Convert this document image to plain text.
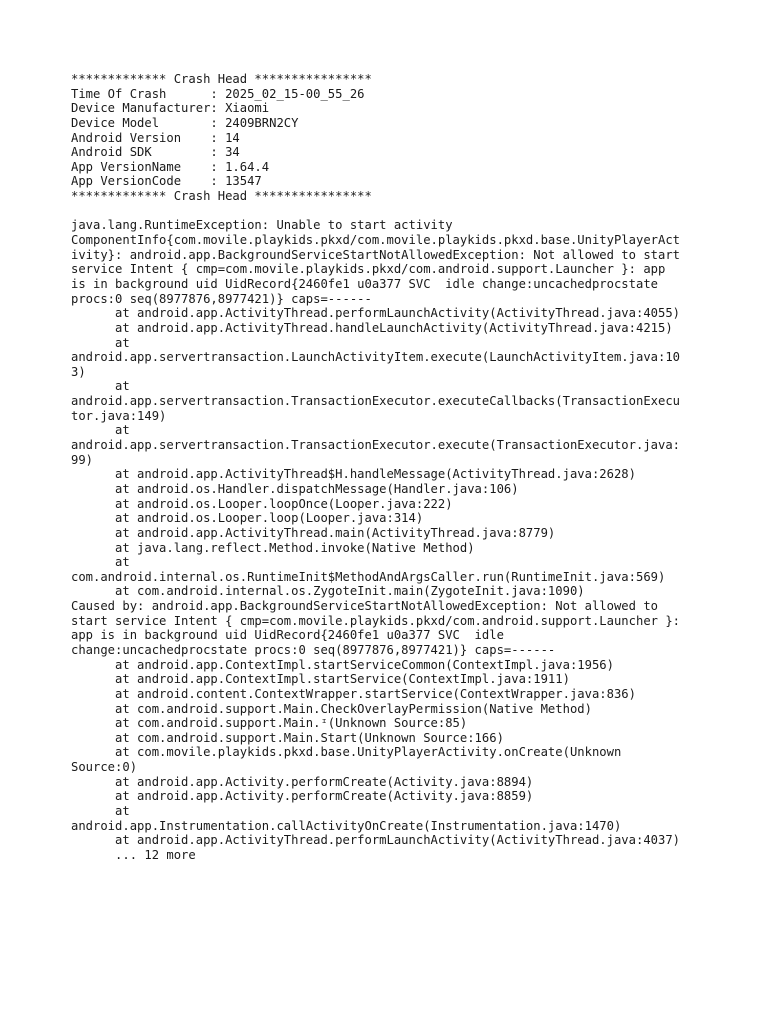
************* Crash Head ****************
Time Of Crash      : 2025_02_15-00_55_26
Device Manufacturer: Xiaomi
Device Model       : 2409BRN2CY
Android Version    : 14
Android SDK        : 34
App VersionName    : 1.64.4
App VersionCode    : 13547
************* Crash Head ****************
java.lang.RuntimeException: Unable to start activity
ComponentInfo{com.movile.playkids.pkxd/com.movile.playkids.pkxd.base.UnityPlayerAct
ivity}: android.app.BackgroundServiceStartNotAllowedException: Not allowed to start
service Intent { cmp=com.movile.playkids.pkxd/com.android.support.Launcher }: app
is in background uid UidRecord{2460fe1 u0a377 SVC  idle change:uncachedprocstate
procs:0 seq(8977876,8977421)} caps=------
at android.app.ActivityThread.performLaunchActivity(ActivityThread.java:4055)
at android.app.ActivityThread.handleLaunchActivity(ActivityThread.java:4215)
at
android.app.servertransaction.LaunchActivityItem.execute(LaunchActivityItem.java:10
3)
at
android.app.servertransaction.TransactionExecutor.executeCallbacks(TransactionExecu
tor.java:149)
at
android.app.servertransaction.TransactionExecutor.execute(TransactionExecutor.java:
99)
at android.app.ActivityThread$H.handleMessage(ActivityThread.java:2628)
at android.os.Handler.dispatchMessage(Handler.java:106)
at android.os.Looper.loopOnce(Looper.java:222)
at android.os.Looper.loop(Looper.java:314)
at android.app.ActivityThread.main(ActivityThread.java:8779)
at java.lang.reflect.Method.invoke(Native Method)
at
com.android.internal.os.RuntimeInit$MethodAndArgsCaller.run(RuntimeInit.java:569)
at com.android.internal.os.ZygoteInit.main(ZygoteInit.java:1090)
Caused by: android.app.BackgroundServiceStartNotAllowedException: Not allowed to
start service Intent { cmp=com.movile.playkids.pkxd/com.android.support.Launcher }:
app is in background uid UidRecord{2460fe1 u0a377 SVC  idle
change:uncachedprocstate procs:0 seq(8977876,8977421)} caps=------
at android.app.ContextImpl.startServiceCommon(ContextImpl.java:1956)
at android.app.ContextImpl.startService(ContextImpl.java:1911)
at android.content.ContextWrapper.startService(ContextWrapper.java:836)
at com.android.support.Main.CheckOverlayPermission(Native Method)
at com.android.support.Main.ᶦ(Unknown Source:85)
at com.android.support.Main.Start(Unknown Source:166)
at com.movile.playkids.pkxd.base.UnityPlayerActivity.onCreate(Unknown
Source:0)
at android.app.Activity.performCreate(Activity.java:8894)
at android.app.Activity.performCreate(Activity.java:8859)
at
android.app.Instrumentation.callActivityOnCreate(Instrumentation.java:1470)
at android.app.ActivityThread.performLaunchActivity(ActivityThread.java:4037)
... 12 more
